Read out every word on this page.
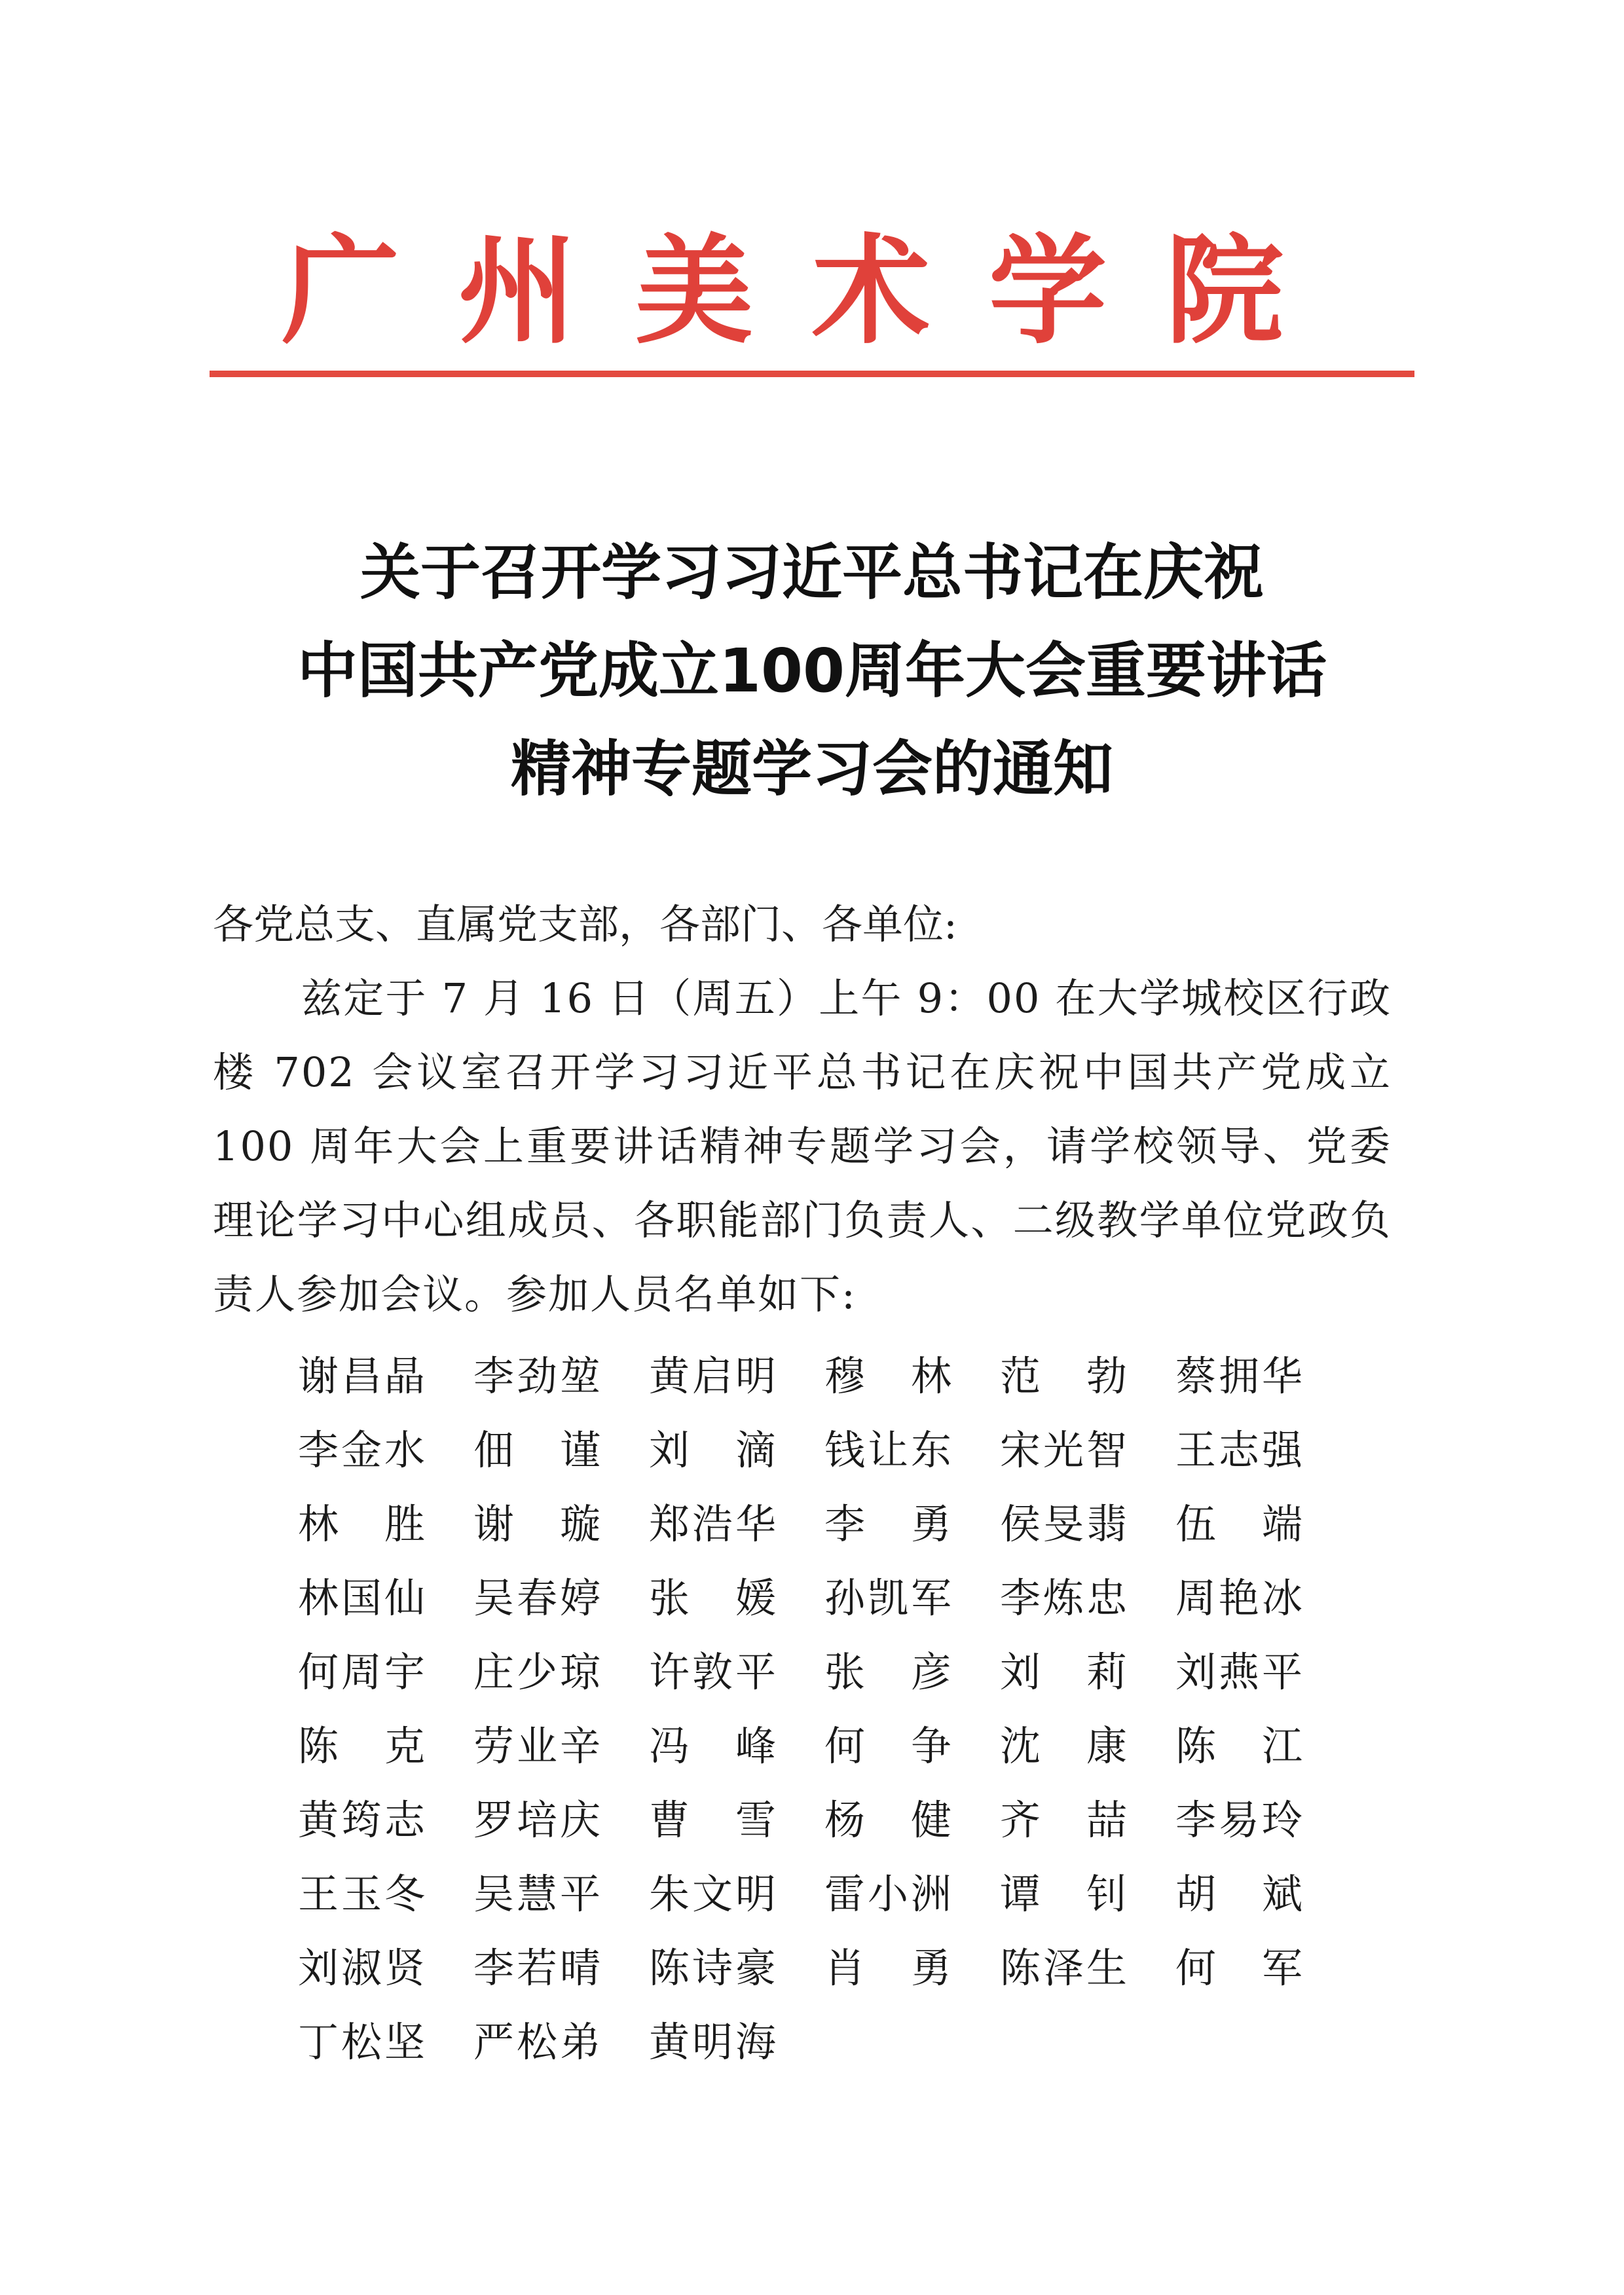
广州美术学院
关于召开学习习近平总书记在庆祝
中国共产党成立100周年大会重要讲话
精神专题学习会的通知
各党总支、直属党支部，各部门、各单位:
兹定于 7 月 16 日（周五）上午 9：00 在大学城校区行政楼 702 会议室召开学习习近平总书记在庆祝中国共产党成立 100 周年大会上重要讲话精神专题学习会，请学校领导、党委理论学习中心组成员、各职能部门负责人、二级教学单位党政负责人参加会议。参加人员名单如下:
谢昌晶	李劲堃	黄启明	穆　林	范　勃	蔡拥华
李金水	佃　谨	刘　滴	钱让东	宋光智	王志强
林　胜	谢　璇	郑浩华	李　勇	侯旻翡	伍　端
林国仙	吴春婷	张　媛	孙凯军	李炼忠	周艳冰
何周宇	庄少琼	许敦平	张　彦	刘　莉	刘燕平
陈　克	劳业辛	冯　峰	何　争	沈　康	陈　江
黄筠志	罗培庆	曹　雪	杨　健	齐　喆	李易玲
王玉冬	吴慧平	朱文明	雷小洲	谭　钊	胡　斌
刘淑贤	李若晴	陈诗豪	肖　勇	陈泽生	何　军
丁松坚	严松弟	黄明海
